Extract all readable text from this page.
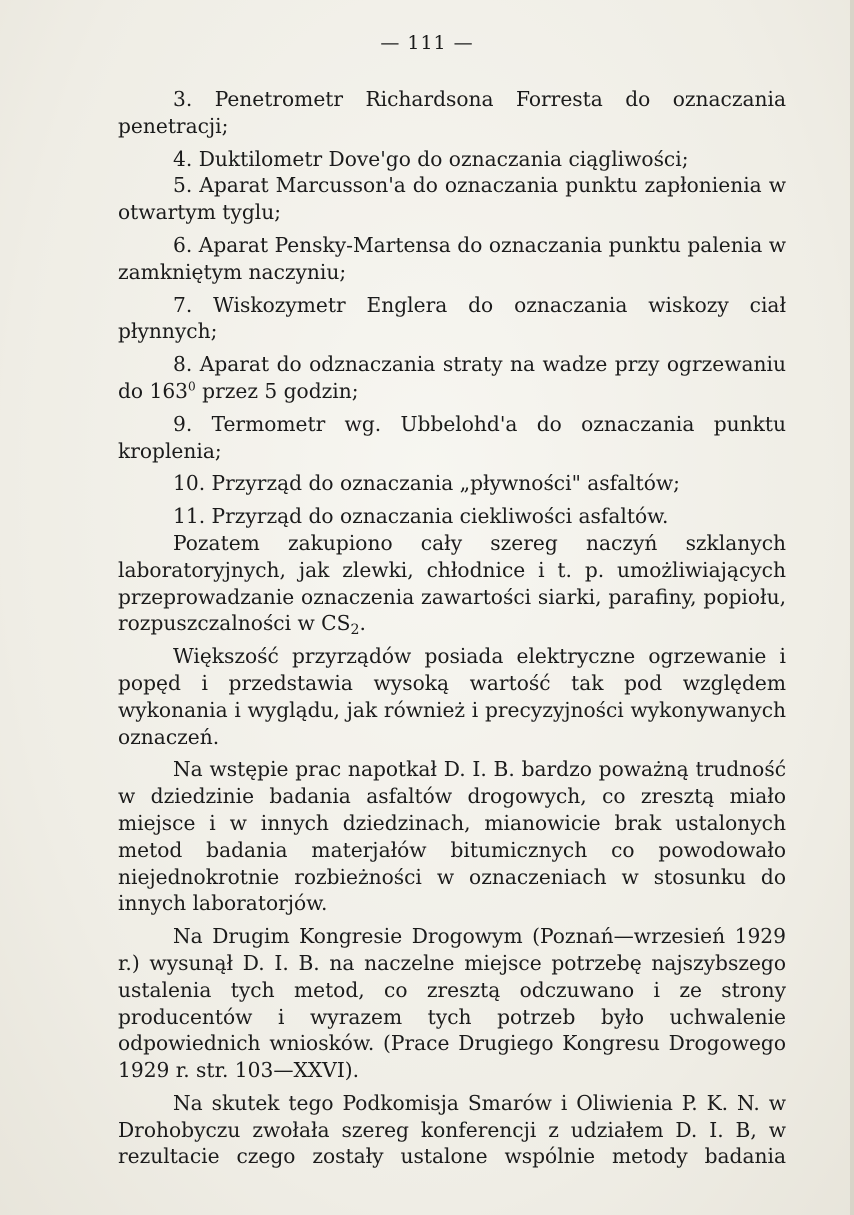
— 111 —

3. Penetrometr Richardsona Forresta do oznaczania penetracji;

4. Duktilometr Dove'go do oznaczania ciągliwości;

5. Aparat Marcusson'a do oznaczania punktu zapłonienia w otwartym tyglu;

6. Aparat Pensky-Martensa do oznaczania punktu palenia w zamkniętym naczyniu;

7. Wiskozymetr Englera do oznaczania wiskozy ciał płynnych;

8. Aparat do odznaczania straty na wadze przy ogrzewaniu do $163^0$ przez 5 godzin;

9. Termometr wg. Ubbelohd'a do oznaczania punktu kroplenia;

10. Przyrząd do oznaczania „pływności" asfaltów;

11. Przyrząd do oznaczania ciekliwości asfaltów.

Pozatem zakupiono cały szereg naczyń szklanych laboratoryjnych, jak zlewki, chłodnice i t. p. umożliwiających przeprowadzanie oznaczenia zawartości siarki, parafiny, popiołu, rozpuszczalności w $CS_2$.

Większość przyrządów posiada elektryczne ogrzewanie i popęd i przedstawia wysoką wartość tak pod względem wykonania i wyglądu, jak również i precyzyjności wykonywanych oznaczeń.

Na wstępie prac napotkał D. I. B. bardzo poważną trudność w dziedzinie badania asfaltów drogowych, co zresztą miało miejsce i w innych dziedzinach, mianowicie brak ustalonych metod badania materjałów bitumicznych co powodowało niejednokrotnie rozbieżności w oznaczeniach w stosunku do innych laboratorjów.

Na Drugim Kongresie Drogowym (Poznań—wrzesień 1929 r.) wysunął D. I. B. na naczelne miejsce potrzebę najszybszego ustalenia tych metod, co zresztą odczuwano i ze strony producentów i wyrazem tych potrzeb było uchwalenie odpowiednich wniosków. (Prace Drugiego Kongresu Drogowego 1929 r. str. 103—XXVI).

Na skutek tego Podkomisja Smarów i Oliwienia P. K. N. w Drohobyczu zwołała szereg konferencji z udziałem D. I. B, w rezultacie czego zostały ustalone wspólnie metody badania
